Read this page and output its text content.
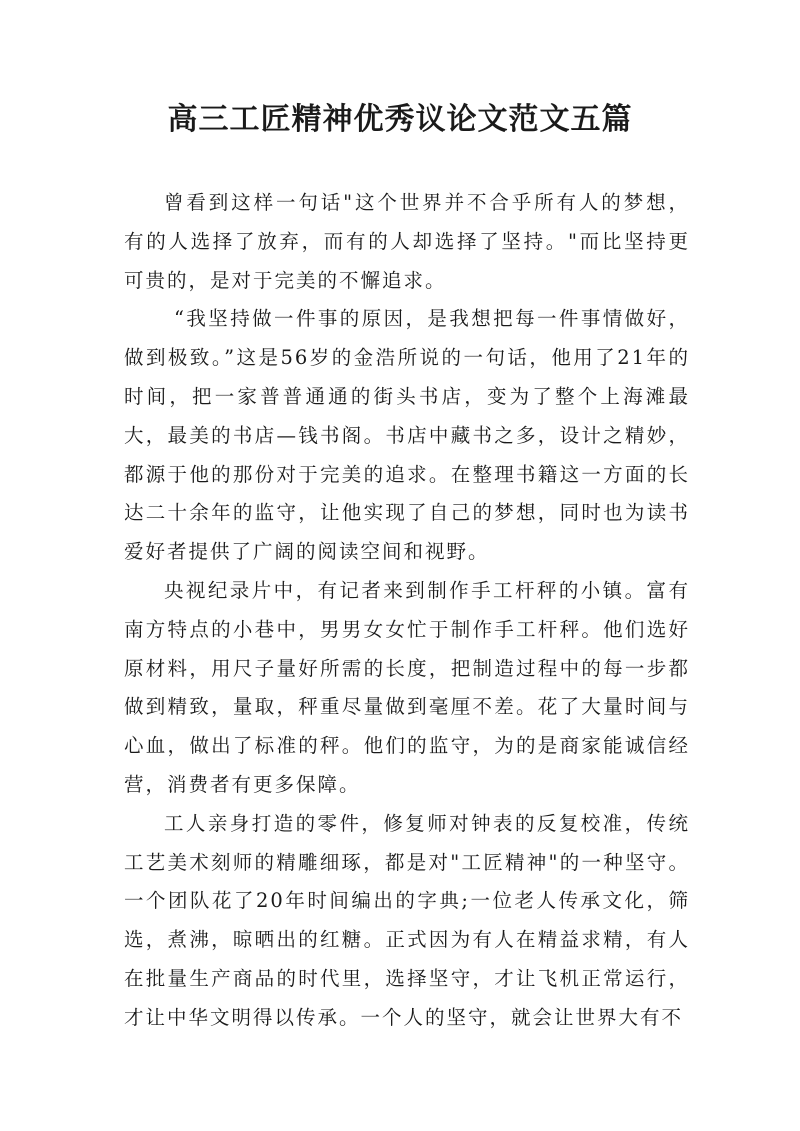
高三工匠精神优秀议论文范文五篇

曾看到这样一句话"这个世界并不合乎所有人的梦想，有的人选择了放弃，而有的人却选择了坚持。"而比坚持更可贵的，是对于完美的不懈追求。

“我坚持做一件事的原因，是我想把每一件事情做好，做到极致。”这是56岁的金浩所说的一句话，他用了21年的时间，把一家普普通通的街头书店，变为了整个上海滩最大，最美的书店—钱书阁。书店中藏书之多，设计之精妙，都源于他的那份对于完美的追求。在整理书籍这一方面的长达二十余年的监守，让他实现了自己的梦想，同时也为读书爱好者提供了广阔的阅读空间和视野。

央视纪录片中，有记者来到制作手工杆秤的小镇。富有南方特点的小巷中，男男女女忙于制作手工杆秤。他们选好原材料，用尺子量好所需的长度，把制造过程中的每一步都做到精致，量取，秤重尽量做到毫厘不差。花了大量时间与心血，做出了标准的秤。他们的监守，为的是商家能诚信经营，消费者有更多保障。

工人亲身打造的零件，修复师对钟表的反复校准，传统工艺美术刻师的精雕细琢，都是对"工匠精神"的一种坚守。一个团队花了20年时间编出的字典;一位老人传承文化，筛选，煮沸，晾晒出的红糖。正式因为有人在精益求精，有人在批量生产商品的时代里，选择坚守，才让飞机正常运行，才让中华文明得以传承。一个人的坚守，就会让世界大有不
